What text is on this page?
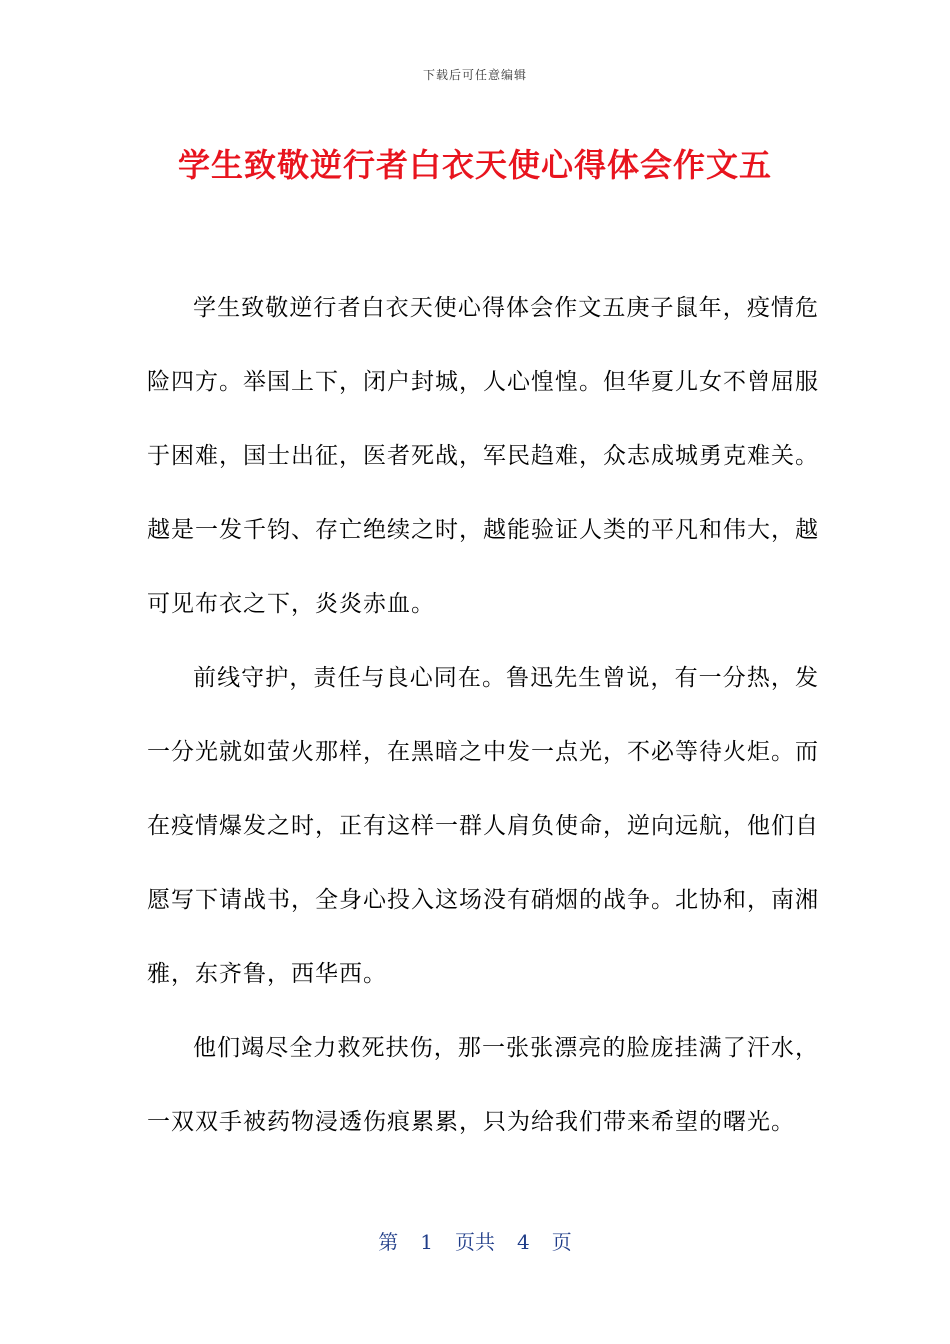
下载后可任意编辑
学生致敬逆行者白衣天使心得体会作文五

学生致敬逆行者白衣天使心得体会作文五庚子鼠年，疫情危险四方。举国上下，闭户封城，人心惶惶。但华夏儿女不曾屈服于困难，国士出征，医者死战，军民趋难，众志成城勇克难关。越是一发千钧、存亡绝续之时，越能验证人类的平凡和伟大，越可见布衣之下，炎炎赤血。

前线守护，责任与良心同在。鲁迅先生曾说，有一分热，发一分光就如萤火那样，在黑暗之中发一点光，不必等待火炬。而在疫情爆发之时，正有这样一群人肩负使命，逆向远航，他们自愿写下请战书，全身心投入这场没有硝烟的战争。北协和，南湘雅，东齐鲁，西华西。

他们竭尽全力救死扶伤，那一张张漂亮的脸庞挂满了汗水，一双双手被药物浸透伤痕累累，只为给我们带来希望的曙光。

第 1 页共 4 页
